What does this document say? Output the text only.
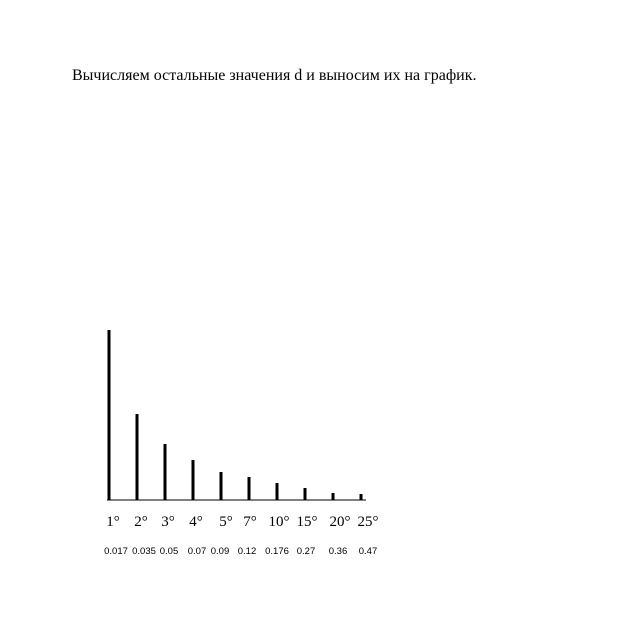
Вычисляем остальные значения d и выносим их на график.
1° 2° 3° 4° 5° 7° 10° 15° 20° 25°
0.017 0.035 0.05 0.07 0.09 0.12 0.176 0.27 0.36 0.47
